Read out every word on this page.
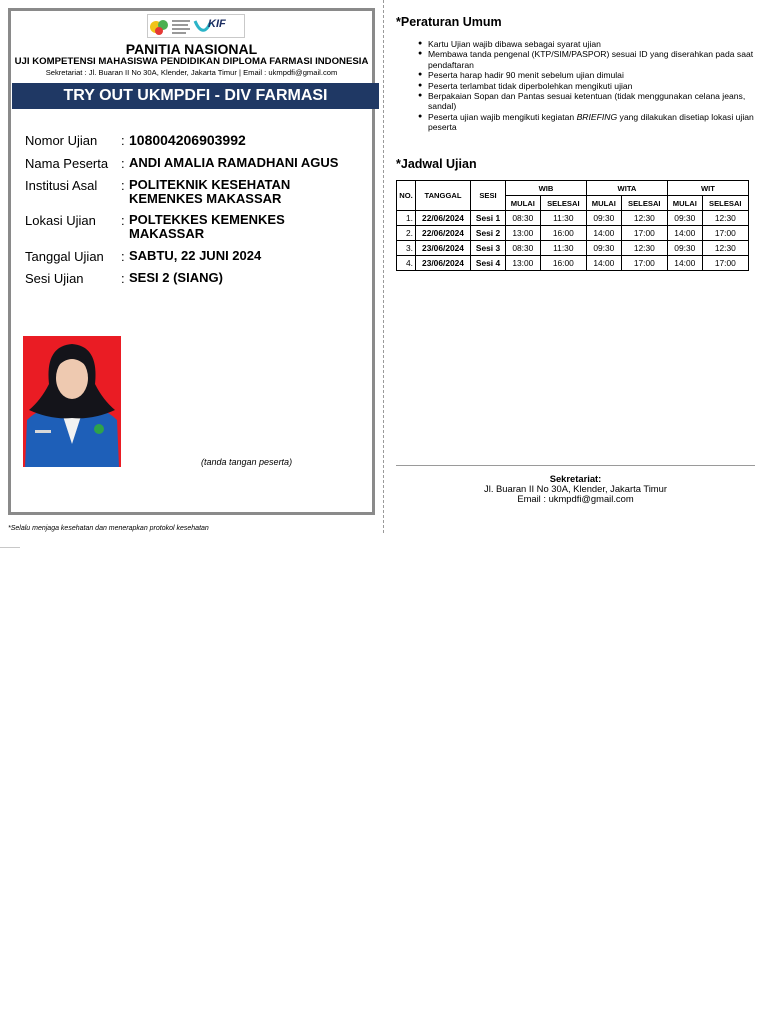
KIF
PANITIA NASIONAL
UJI KOMPETENSI MAHASISWA PENDIDIKAN DIPLOMA FARMASI INDONESIA
Sekretariat : Jl. Buaran II No 30A, Klender, Jakarta Timur | Email : ukmpdfi@gmail.com
TRY OUT UKMPDFI - DIV FARMASI
Nomor Ujian	: 108004206903992
Nama Peserta : ANDI AMALIA RAMADHANI AGUS
Institusi Asal	: POLITEKNIK KESEHATAN KEMENKES MAKASSAR
Lokasi Ujian	: POLTEKKES KEMENKES MAKASSAR
Tanggal Ujian	: SABTU, 22 JUNI 2024
Sesi Ujian	: SESI 2 (SIANG)
(tanda tangan peserta)
*Selalu menjaga kesehatan dan menerapkan protokol kesehatan
*Peraturan Umum
● Kartu Ujian wajib dibawa sebagai syarat ujian
● Membawa tanda pengenal (KTP/SIM/PASPOR) sesuai ID yang diserahkan pada saat pendaftaran
● Peserta harap hadir 90 menit sebelum ujian dimulai
● Peserta terlambat tidak diperbolehkan mengikuti ujian
● Berpakaian Sopan dan Pantas sesuai ketentuan (tidak menggunakan celana jeans, sandal)
● Peserta ujian wajib mengikuti kegiatan BRIEFING yang dilakukan disetiap lokasi ujian peserta
*Jadwal Ujian
NO.	TANGGAL	SESI	WIB		WITA		WIT	
			MULAI	SELESAI	MULAI	SELESAI	MULAI	SELESAI
1.	22/06/2024	Sesi 1	08:30	11:30	09:30	12:30	09:30	12:30
2.	22/06/2024	Sesi 2	13:00	16:00	14:00	17:00	14:00	17:00
3.	23/06/2024	Sesi 3	08:30	11:30	09:30	12:30	09:30	12:30
4.	23/06/2024	Sesi 4	13:00	16:00	14:00	17:00	14:00	17:00
Sekretariat:
Jl. Buaran II No 30A, Klender, Jakarta Timur
Email : ukmpdfi@gmail.com
